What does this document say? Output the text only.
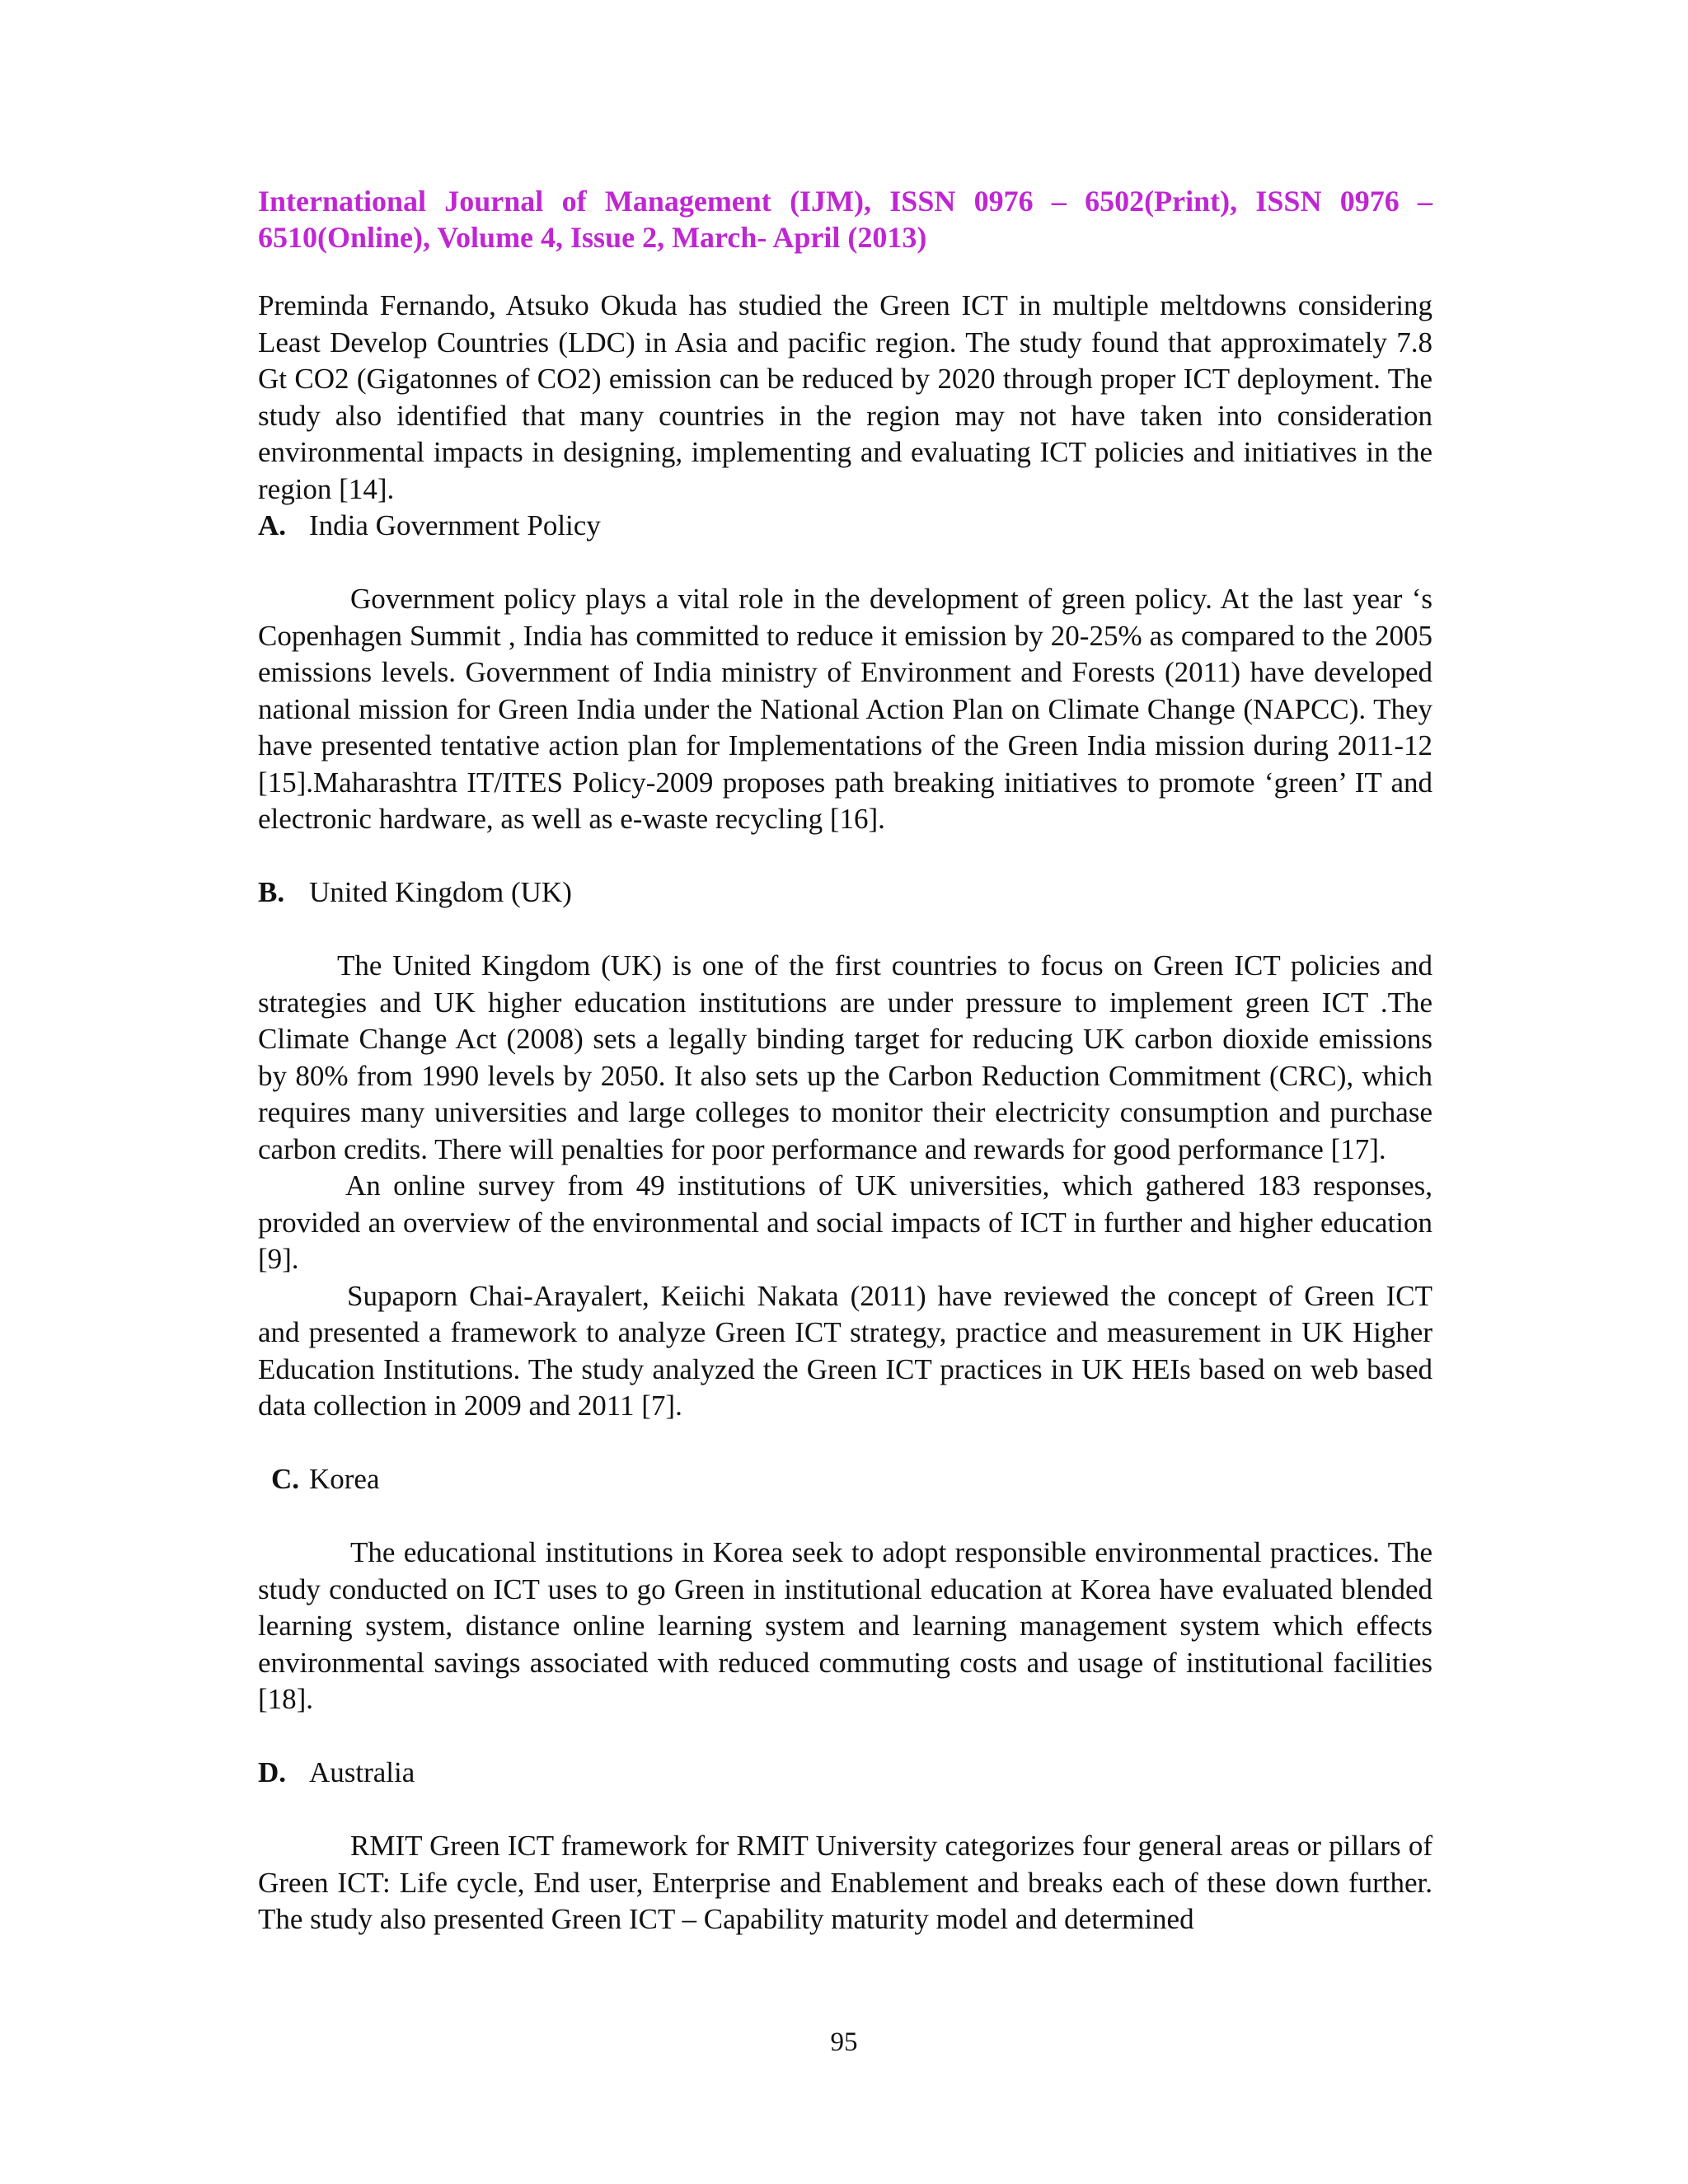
International Journal of Management (IJM), ISSN 0976 – 6502(Print), ISSN 0976 – 6510(Online), Volume 4, Issue 2, March- April (2013)

Preminda Fernando, Atsuko Okuda has studied the Green ICT in multiple meltdowns considering Least Develop Countries (LDC) in Asia and pacific region. The study found that approximately 7.8 Gt CO2 (Gigatonnes of CO2) emission can be reduced by 2020 through proper ICT deployment. The study also identified that many countries in the region may not have taken into consideration environmental impacts in designing, implementing and evaluating ICT policies and initiatives in the region [14].

A. India Government Policy

Government policy plays a vital role in the development of green policy. At the last year ‘s Copenhagen Summit , India has committed to reduce it emission by 20-25% as compared to the 2005 emissions levels. Government of India ministry of Environment and Forests (2011) have developed national mission for Green India under the National Action Plan on Climate Change (NAPCC). They have presented tentative action plan for Implementations of the Green India mission during 2011-12 [15].Maharashtra IT/ITES Policy-2009 proposes path breaking initiatives to promote ‘green’ IT and electronic hardware, as well as e-waste recycling [16].

B. United Kingdom (UK)

The United Kingdom (UK) is one of the first countries to focus on Green ICT policies and strategies and UK higher education institutions are under pressure to implement green ICT .The Climate Change Act (2008) sets a legally binding target for reducing UK carbon dioxide emissions by 80% from 1990 levels by 2050. It also sets up the Carbon Reduction Commitment (CRC), which requires many universities and large colleges to monitor their electricity consumption and purchase carbon credits. There will penalties for poor performance and rewards for good performance [17].

An online survey from 49 institutions of UK universities, which gathered 183 responses, provided an overview of the environmental and social impacts of ICT in further and higher education [9].

Supaporn Chai-Arayalert, Keiichi Nakata (2011) have reviewed the concept of Green ICT and presented a framework to analyze Green ICT strategy, practice and measurement in UK Higher Education Institutions. The study analyzed the Green ICT practices in UK HEIs based on web based data collection in 2009 and 2011 [7].

C. Korea

The educational institutions in Korea seek to adopt responsible environmental practices. The study conducted on ICT uses to go Green in institutional education at Korea have evaluated blended learning system, distance online learning system and learning management system which effects environmental savings associated with reduced commuting costs and usage of institutional facilities [18].

D. Australia

RMIT Green ICT framework for RMIT University categorizes four general areas or pillars of Green ICT: Life cycle, End user, Enterprise and Enablement and breaks each of these down further. The study also presented Green ICT – Capability maturity model and determined

95
